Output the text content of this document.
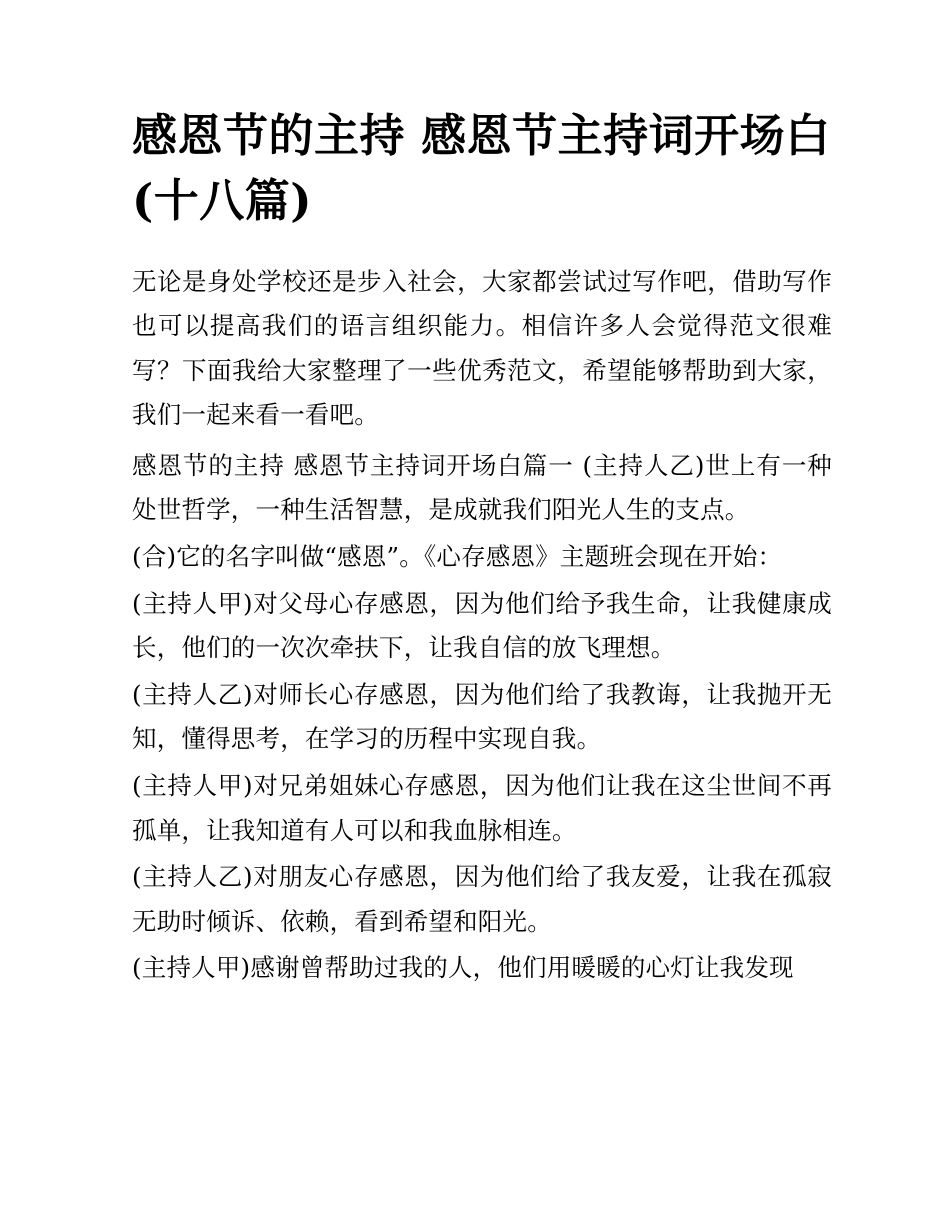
感恩节的主持 感恩节主持词开场白(十八篇)

无论是身处学校还是步入社会，大家都尝试过写作吧，借助写作也可以提高我们的语言组织能力。相信许多人会觉得范文很难写？下面我给大家整理了一些优秀范文，希望能够帮助到大家，我们一起来看一看吧。

感恩节的主持 感恩节主持词开场白篇一 (主持人乙)世上有一种处世哲学，一种生活智慧，是成就我们阳光人生的支点。

(合)它的名字叫做“感恩”。《心存感恩》主题班会现在开始：

(主持人甲)对父母心存感恩，因为他们给予我生命，让我健康成长，他们的一次次牵扶下，让我自信的放飞理想。

(主持人乙)对师长心存感恩，因为他们给了我教诲，让我抛开无知，懂得思考，在学习的历程中实现自我。

(主持人甲)对兄弟姐妹心存感恩，因为他们让我在这尘世间不再孤单，让我知道有人可以和我血脉相连。

(主持人乙)对朋友心存感恩，因为他们给了我友爱，让我在孤寂无助时倾诉、依赖，看到希望和阳光。

(主持人甲)感谢曾帮助过我的人，他们用暖暖的心灯让我发现
